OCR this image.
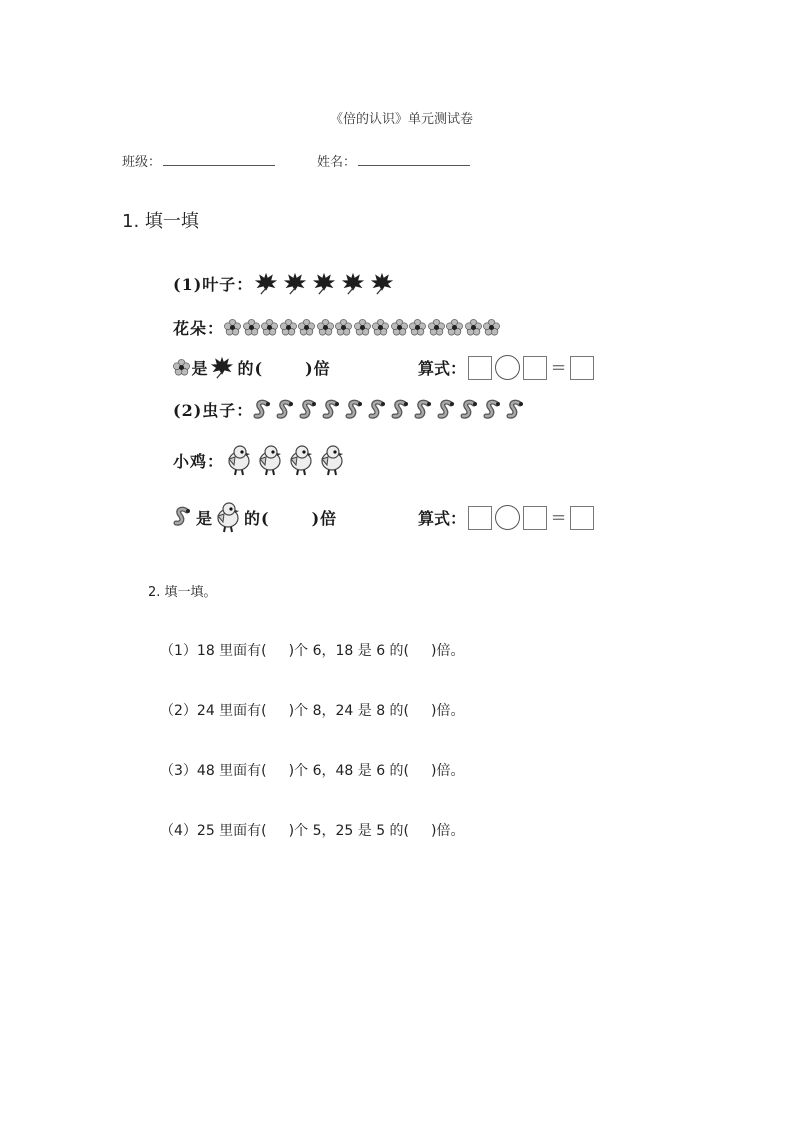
《倍的认识》单元测试卷
班级：	姓名：
1. 填一填
(1)叶子：
花朵：
是 的(	)倍	算式：	=
(2)虫子：
小鸡：
是 的(	)倍	算式：	=
2. 填一填。
（1）18 里面有( )个 6，18 是 6 的( )倍。
（2）24 里面有( )个 8，24 是 8 的( )倍。
（3）48 里面有( )个 6，48 是 6 的( )倍。
（4）25 里面有( )个 5，25 是 5 的( )倍。
